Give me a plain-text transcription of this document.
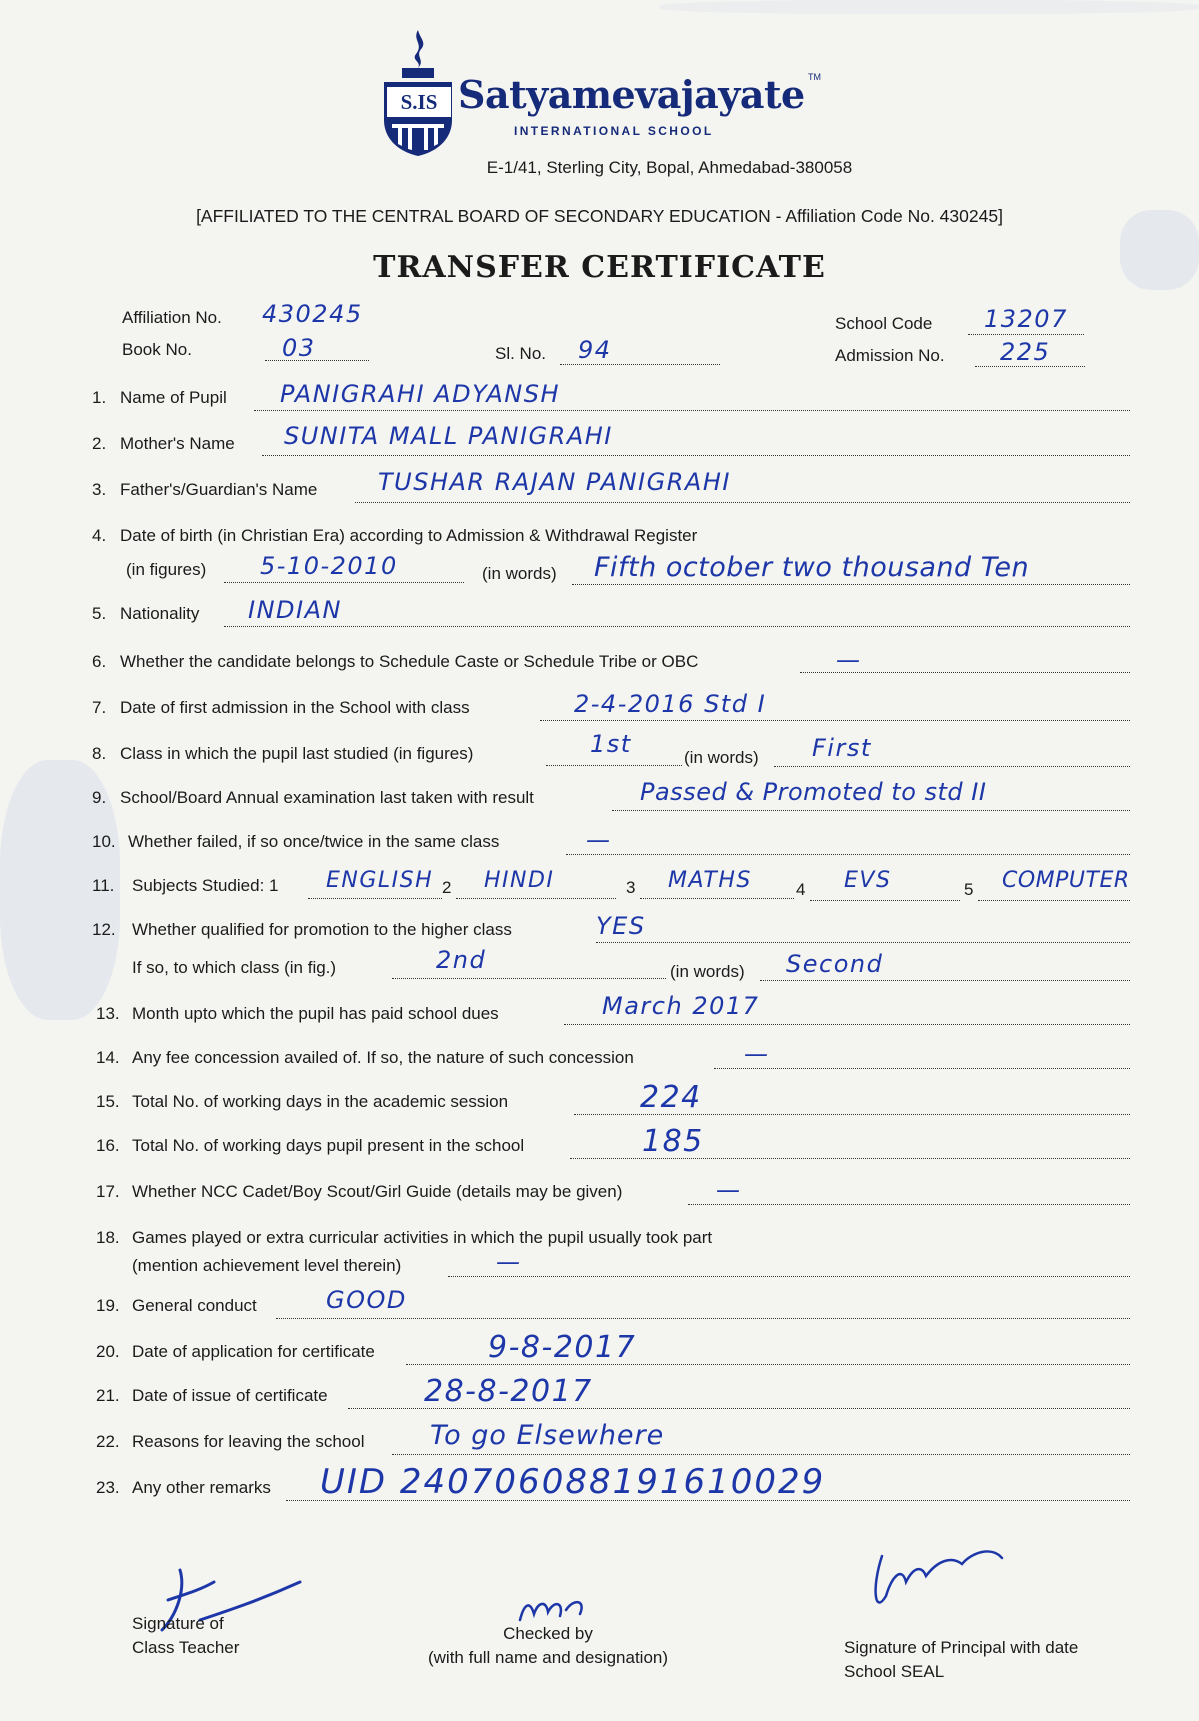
S.IS Satyamevajayate TM
INTERNATIONAL SCHOOL
E-1/41, Sterling City, Bopal, Ahmedabad-380058
[AFFILIATED TO THE CENTRAL BOARD OF SECONDARY EDUCATION - Affiliation Code No. 430245]
TRANSFER CERTIFICATE
Affiliation No. 430245
Book No.	03	Sl. No. 94
School Code 13207
Admission No. 225
1. Name of Pupil PANIGRAHI ADYANSH
2. Mother's Name SUNITA MALL PANIGRAHI
3. Father's/Guardian's Name	TUSHAR RAJAN PANIGRAHI
4. Date of birth (in Christian Era) according to Admission & Withdrawal Register
(in figures) 5-10-2010	(in words) Fifth october two thousand Ten
5. Nationality INDIAN
6. Whether the candidate belongs to Schedule Caste or Schedule Tribe or OBC	—
7. Date of first admission in the School with class	2-4-2016 Std I
8. Class in which the pupil last studied (in figures)	1st	(in words) First
9. School/Board Annual examination last taken with result	Passed & Promoted to std II
10. Whether failed, if so once/twice in the same class	—
11. Subjects Studied: 1 ENGLISH 2 HINDI	3 MATHS	4 EVS	5 COMPUTER
12. Whether qualified for promotion to the higher class	YES
If so, to which class (in fig.)	2nd	(in words) Second
13. Month upto which the pupil has paid school dues	March 2017
14. Any fee concession availed of. If so, the nature of such concession	—
15. Total No. of working days in the academic session	224
16. Total No. of working days pupil present in the school	185
17. Whether NCC Cadet/Boy Scout/Girl Guide (details may be given)	—
18. Games played or extra curricular activities in which the pupil usually took part
(mention achievement level therein)	—
19. General conduct	GOOD
20. Date of application for certificate	9-8-2017
21. Date of issue of certificate	28-8-2017
22. Reasons for leaving the school To go Elsewhere
23. Any other remarks UID 240706088191610029
Signature of
Class Teacher
Checked by
(with full name and designation)
Signature of Principal with date
School SEAL
